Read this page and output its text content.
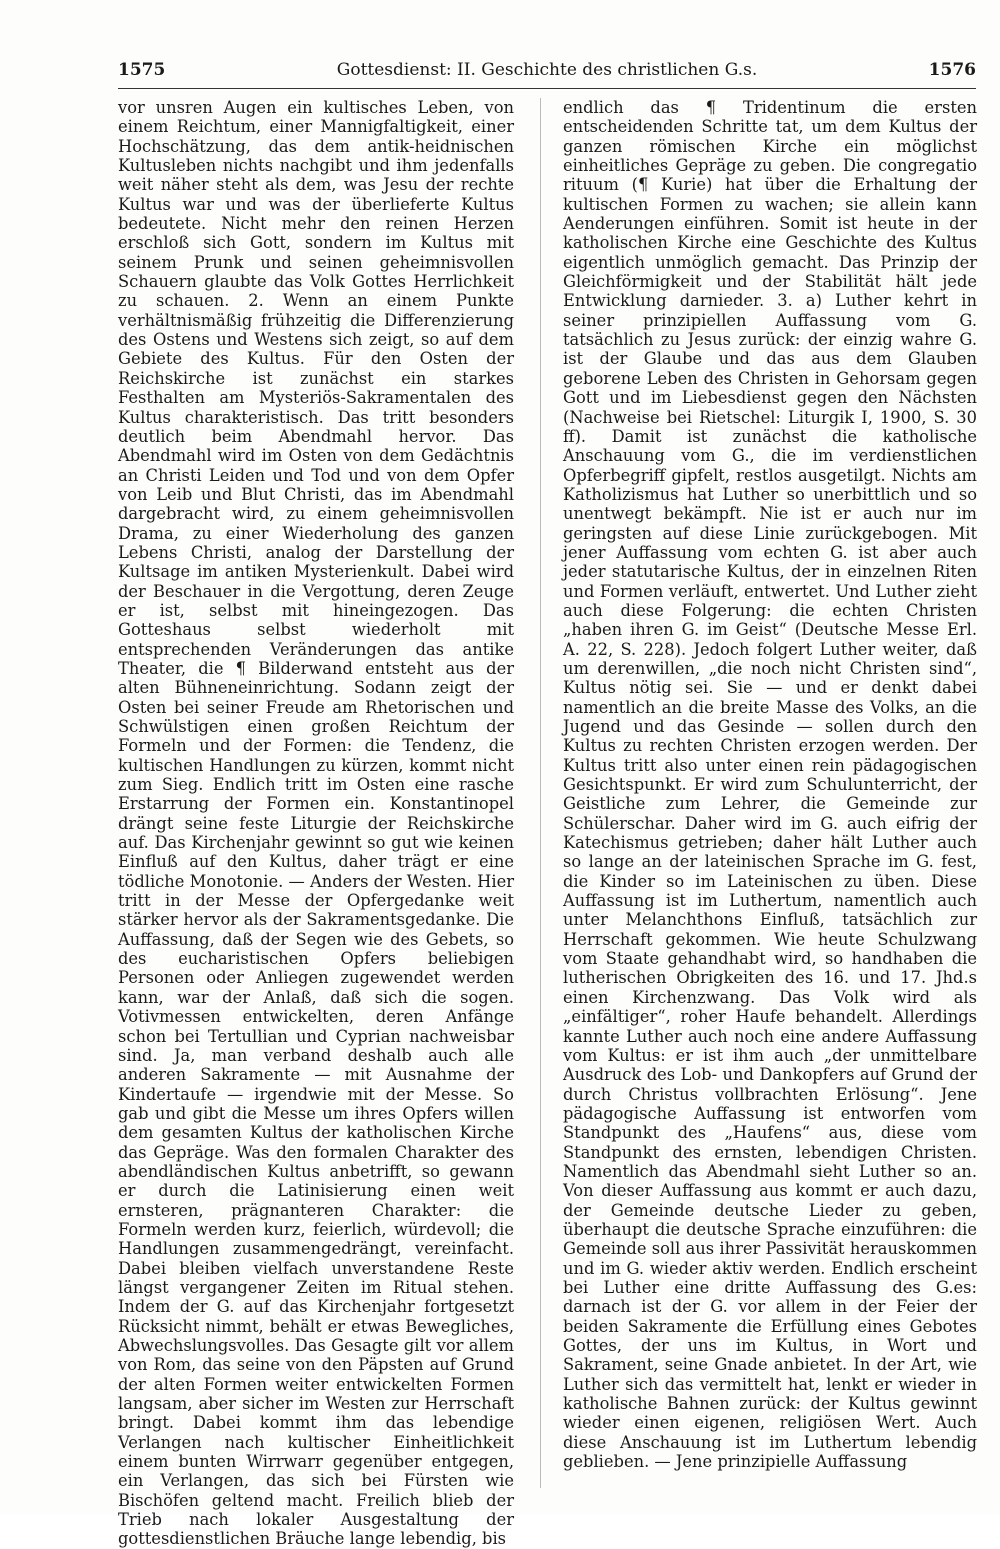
1575	Gottesdienst: II. Geschichte des christlichen G.s.	1576

vor unsren Augen ein kultisches Leben, von einem Reichtum, einer Mannigfaltigkeit, einer Hochschätzung, das dem antik-heidnischen Kultusleben nichts nachgibt und ihm jedenfalls weit näher steht als dem, was Jesu der rechte Kultus war und was der überlieferte Kultus bedeutete. Nicht mehr den reinen Herzen erschloß sich Gott, sondern im Kultus mit seinem Prunk und seinen geheimnisvollen Schauern glaubte das Volk Gottes Herrlichkeit zu schauen. 2. Wenn an einem Punkte verhältnismäßig frühzeitig die Differenzierung des Ostens und Westens sich zeigt, so auf dem Gebiete des Kultus. Für den Osten der Reichskirche ist zunächst ein starkes Festhalten am Mysteriös-Sakramentalen des Kultus charakteristisch. Das tritt besonders deutlich beim Abendmahl hervor. Das Abendmahl wird im Osten von dem Gedächtnis an Christi Leiden und Tod und von dem Opfer von Leib und Blut Christi, das im Abendmahl dargebracht wird, zu einem geheimnisvollen Drama, zu einer Wiederholung des ganzen Lebens Christi, analog der Darstellung der Kultsage im antiken Mysterienkult. Dabei wird der Beschauer in die Vergottung, deren Zeuge er ist, selbst mit hineingezogen. Das Gotteshaus selbst wiederholt mit entsprechenden Veränderungen das antike Theater, die ¶ Bilderwand entsteht aus der alten Bühneneinrichtung. Sodann zeigt der Osten bei seiner Freude am Rhetorischen und Schwülstigen einen großen Reichtum der Formeln und der Formen: die Tendenz, die kultischen Handlungen zu kürzen, kommt nicht zum Sieg. Endlich tritt im Osten eine rasche Erstarrung der Formen ein. Konstantinopel drängt seine feste Liturgie der Reichskirche auf. Das Kirchenjahr gewinnt so gut wie keinen Einfluß auf den Kultus, daher trägt er eine tödliche Monotonie. — Anders der Westen. Hier tritt in der Messe der Opfergedanke weit stärker hervor als der Sakramentsgedanke. Die Auffassung, daß der Segen wie des Gebets, so des eucharistischen Opfers beliebigen Personen oder Anliegen zugewendet werden kann, war der Anlaß, daß sich die sogen. Votivmessen entwickelten, deren Anfänge schon bei Tertullian und Cyprian nachweisbar sind. Ja, man verband deshalb auch alle anderen Sakramente — mit Ausnahme der Kindertaufe — irgendwie mit der Messe. So gab und gibt die Messe um ihres Opfers willen dem gesamten Kultus der katholischen Kirche das Gepräge. Was den formalen Charakter des abendländischen Kultus anbetrifft, so gewann er durch die Latinisierung einen weit ernsteren, prägnanteren Charakter: die Formeln werden kurz, feierlich, würdevoll; die Handlungen zusammengedrängt, vereinfacht. Dabei bleiben vielfach unverstandene Reste längst vergangener Zeiten im Ritual stehen. Indem der G. auf das Kirchenjahr fortgesetzt Rücksicht nimmt, behält er etwas Bewegliches, Abwechslungsvolles. Das Gesagte gilt vor allem von Rom, das seine von den Päpsten auf Grund der alten Formen weiter entwickelten Formen langsam, aber sicher im Westen zur Herrschaft bringt. Dabei kommt ihm das lebendige Verlangen nach kultischer Einheitlichkeit einem bunten Wirrwarr gegenüber entgegen, ein Verlangen, das sich bei Fürsten wie Bischöfen geltend macht. Freilich blieb der Trieb nach lokaler Ausgestaltung der gottesdienstlichen Bräuche lange lebendig, bis

endlich das ¶ Tridentinum die ersten entscheidenden Schritte tat, um dem Kultus der ganzen römischen Kirche ein möglichst einheitliches Gepräge zu geben. Die congregatio rituum (¶ Kurie) hat über die Erhaltung der kultischen Formen zu wachen; sie allein kann Aenderungen einführen. Somit ist heute in der katholischen Kirche eine Geschichte des Kultus eigentlich unmöglich gemacht. Das Prinzip der Gleichförmigkeit und der Stabilität hält jede Entwicklung darnieder. 3. a) Luther kehrt in seiner prinzipiellen Auffassung vom G. tatsächlich zu Jesus zurück: der einzig wahre G. ist der Glaube und das aus dem Glauben geborene Leben des Christen in Gehorsam gegen Gott und im Liebesdienst gegen den Nächsten (Nachweise bei Rietschel: Liturgik I, 1900, S. 30 ff). Damit ist zunächst die katholische Anschauung vom G., die im verdienstlichen Opferbegriff gipfelt, restlos ausgetilgt. Nichts am Katholizismus hat Luther so unerbittlich und so unentwegt bekämpft. Nie ist er auch nur im geringsten auf diese Linie zurückgebogen. Mit jener Auffassung vom echten G. ist aber auch jeder statutarische Kultus, der in einzelnen Riten und Formen verläuft, entwertet. Und Luther zieht auch diese Folgerung: die echten Christen „haben ihren G. im Geist“ (Deutsche Messe Erl. A. 22, S. 228). Jedoch folgert Luther weiter, daß um derenwillen, „die noch nicht Christen sind“, Kultus nötig sei. Sie — und er denkt dabei namentlich an die breite Masse des Volks, an die Jugend und das Gesinde — sollen durch den Kultus zu rechten Christen erzogen werden. Der Kultus tritt also unter einen rein pädagogischen Gesichtspunkt. Er wird zum Schulunterricht, der Geistliche zum Lehrer, die Gemeinde zur Schülerschar. Daher wird im G. auch eifrig der Katechismus getrieben; daher hält Luther auch so lange an der lateinischen Sprache im G. fest, die Kinder so im Lateinischen zu üben. Diese Auffassung ist im Luthertum, namentlich auch unter Melanchthons Einfluß, tatsächlich zur Herrschaft gekommen. Wie heute Schulzwang vom Staate gehandhabt wird, so handhaben die lutherischen Obrigkeiten des 16. und 17. Jhd.s einen Kirchenzwang. Das Volk wird als „einfältiger“, roher Haufe behandelt. Allerdings kannte Luther auch noch eine andere Auffassung vom Kultus: er ist ihm auch „der unmittelbare Ausdruck des Lob- und Dankopfers auf Grund der durch Christus vollbrachten Erlösung“. Jene pädagogische Auffassung ist entworfen vom Standpunkt des „Haufens“ aus, diese vom Standpunkt des ernsten, lebendigen Christen. Namentlich das Abendmahl sieht Luther so an. Von dieser Auffassung aus kommt er auch dazu, der Gemeinde deutsche Lieder zu geben, überhaupt die deutsche Sprache einzuführen: die Gemeinde soll aus ihrer Passivität herauskommen und im G. wieder aktiv werden. Endlich erscheint bei Luther eine dritte Auffassung des G.es: darnach ist der G. vor allem in der Feier der beiden Sakramente die Erfüllung eines Gebotes Gottes, der uns im Kultus, in Wort und Sakrament, seine Gnade anbietet. In der Art, wie Luther sich das vermittelt hat, lenkt er wieder in katholische Bahnen zurück: der Kultus gewinnt wieder einen eigenen, religiösen Wert. Auch diese Anschauung ist im Luthertum lebendig geblieben. — Jene prinzipielle Auffassung
